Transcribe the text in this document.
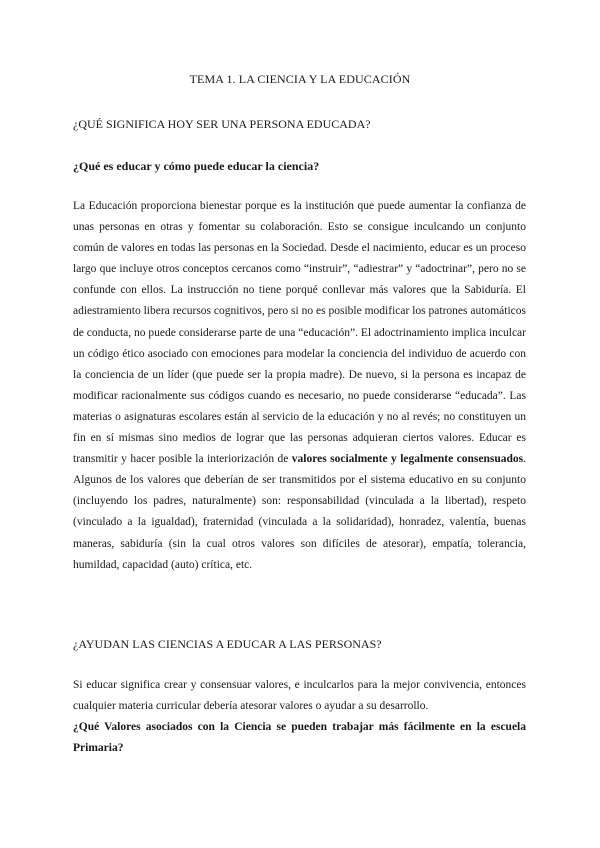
TEMA 1. LA CIENCIA Y LA EDUCACIÓN
¿QUÉ SIGNIFICA HOY SER UNA PERSONA EDUCADA?
¿Qué es educar y cómo puede educar la ciencia?

La Educación proporciona bienestar porque es la institución que puede aumentar la confianza de unas personas en otras y fomentar su colaboración. Esto se consigue inculcando un conjunto común de valores en todas las personas en la Sociedad. Desde el nacimiento, educar es un proceso largo que incluye otros conceptos cercanos como “instruir”, “adiestrar” y “adoctrinar”, pero no se confunde con ellos. La instrucción no tiene porqué conllevar más valores que la Sabiduría. El adiestramiento libera recursos cognitivos, pero si no es posible modificar los patrones automáticos de conducta, no puede considerarse parte de una “educación”. El adoctrinamiento implica inculcar un código ético asociado con emociones para modelar la conciencia del individuo de acuerdo con la conciencia de un líder (que puede ser la propia madre). De nuevo, si la persona es incapaz de modificar racionalmente sus códigos cuando es necesario, no puede considerarse “educada”. Las materias o asignaturas escolares están al servicio de la educación y no al revés; no constituyen un fin en sí mismas sino medios de lograr que las personas adquieran ciertos valores. Educar es transmitir y hacer posible la interiorización de valores socialmente y legalmente consensuados. Algunos de los valores que deberían de ser transmitidos por el sistema educativo en su conjunto (incluyendo los padres, naturalmente) son: responsabilidad (vinculada a la libertad), respeto (vinculado a la igualdad), fraternidad (vinculada a la solidaridad), honradez, valentía, buenas maneras, sabiduría (sin la cual otros valores son difíciles de atesorar), empatía, tolerancia, humildad, capacidad (auto) crítica, etc.

¿AYUDAN LAS CIENCIAS A EDUCAR A LAS PERSONAS?

Si educar significa crear y consensuar valores, e inculcarlos para la mejor convivencia, entonces cualquier materia curricular debería atesorar valores o ayudar a su desarrollo.

¿Qué Valores asociados con la Ciencia se pueden trabajar más fácilmente en la escuela Primaria?
